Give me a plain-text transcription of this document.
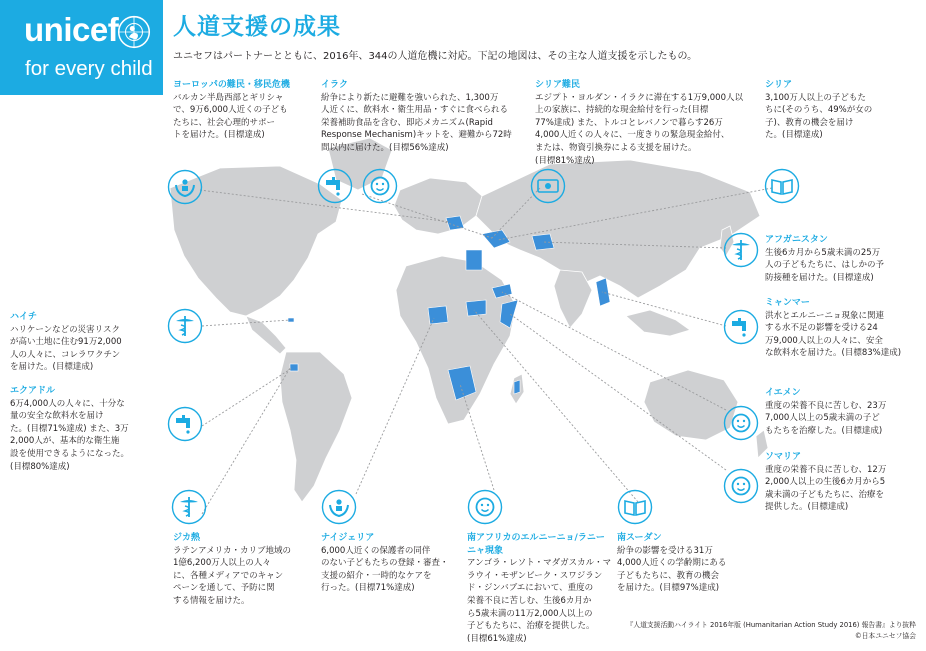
unicef
for every child
人道支援の成果

ユニセフはパートナーとともに、2016年、344の人道危機に対応。下記の地図は、その主な人道支援を示したもの。

ヨーロッパの難民・移民危機
バルカン半島西部とギリシャ
で、9万6,000人近くの子ども
たちに、社会心理的サポー
トを届けた。(目標達成)
イラク
紛争により新たに避難を強いられた、1,300万
人近くに、飲料水・衛生用品・すぐに食べられる
栄養補助食品を含む、即応メカニズム(Rapid
Response Mechanism)キットを、避難から72時
間以内に届けた。(目標56%達成)
シリア難民
エジプト・ヨルダン・イラクに滞在する1万9,000人以
上の家族に、持続的な現金給付を行った(目標
77%達成) また、トルコとレバノンで暮らす26万
4,000人近くの人々に、一度きりの緊急現金給付、
または、物資引換券による支援を届けた。
(目標81%達成)
シリア
3,100万人以上の子どもた
ちに(そのうち、49%が女の
子)、教育の機会を届け
た。(目標達成)
アフガニスタン
生後6カ月から5歳未満の25万
人の子どもたちに、はしかの予
防接種を届けた。(目標達成)
ミャンマー
洪水とエルニーニョ現象に関連
する水不足の影響を受ける24
万9,000人以上の人々に、安全
な飲料水を届けた。(目標83%達成)
イエメン
重度の栄養不良に苦しむ、23万
7,000人以上の5歳未満の子ど
もたちを治療した。(目標達成)
ソマリア
重度の栄養不良に苦しむ、12万
2,000人以上の生後6カ月から5
歳未満の子どもたちに、治療を
提供した。(目標達成)
ハイチ
ハリケーンなどの災害リスク
が高い土地に住む91万2,000
人の人々に、コレラワクチン
を届けた。(目標達成)
エクアドル
6万4,000人の人々に、十分な
量の安全な飲料水を届け
た。(目標71%達成) また、3万
2,000人が、基本的な衛生施
設を使用できるようになった。
(目標80%達成)
ジカ熱
ラテンアメリカ・カリブ地域の
1億6,200万人以上の人々
に、各種メディアでのキャン
ペーンを通して、予防に関
する情報を届けた。
ナイジェリア
6,000人近くの保護者の同伴
のない子どもたちの登録・審査・
支援の紹介・一時的なケアを
行った。(目標71%達成)
南アフリカのエルニーニョ/ラニー
ニャ現象
アンゴラ・レソト・マダガスカル・マ
ラウイ・モザンビーク・スワジラン
ド・ジンバブエにおいて、重度の
栄養不良に苦しむ、生後6カ月か
ら5歳未満の11万2,000人以上の
子どもたちに、治療を提供した。
(目標61%達成)
南スーダン
紛争の影響を受ける31万
4,000人近くの学齢期にある
子どもたちに、教育の機会
を届けた。(目標97%達成)
『人道支援活動ハイライト 2016年版 (Humanitarian Action Study 2016) 報告書』より抜粋
©日本ユニセフ協会
